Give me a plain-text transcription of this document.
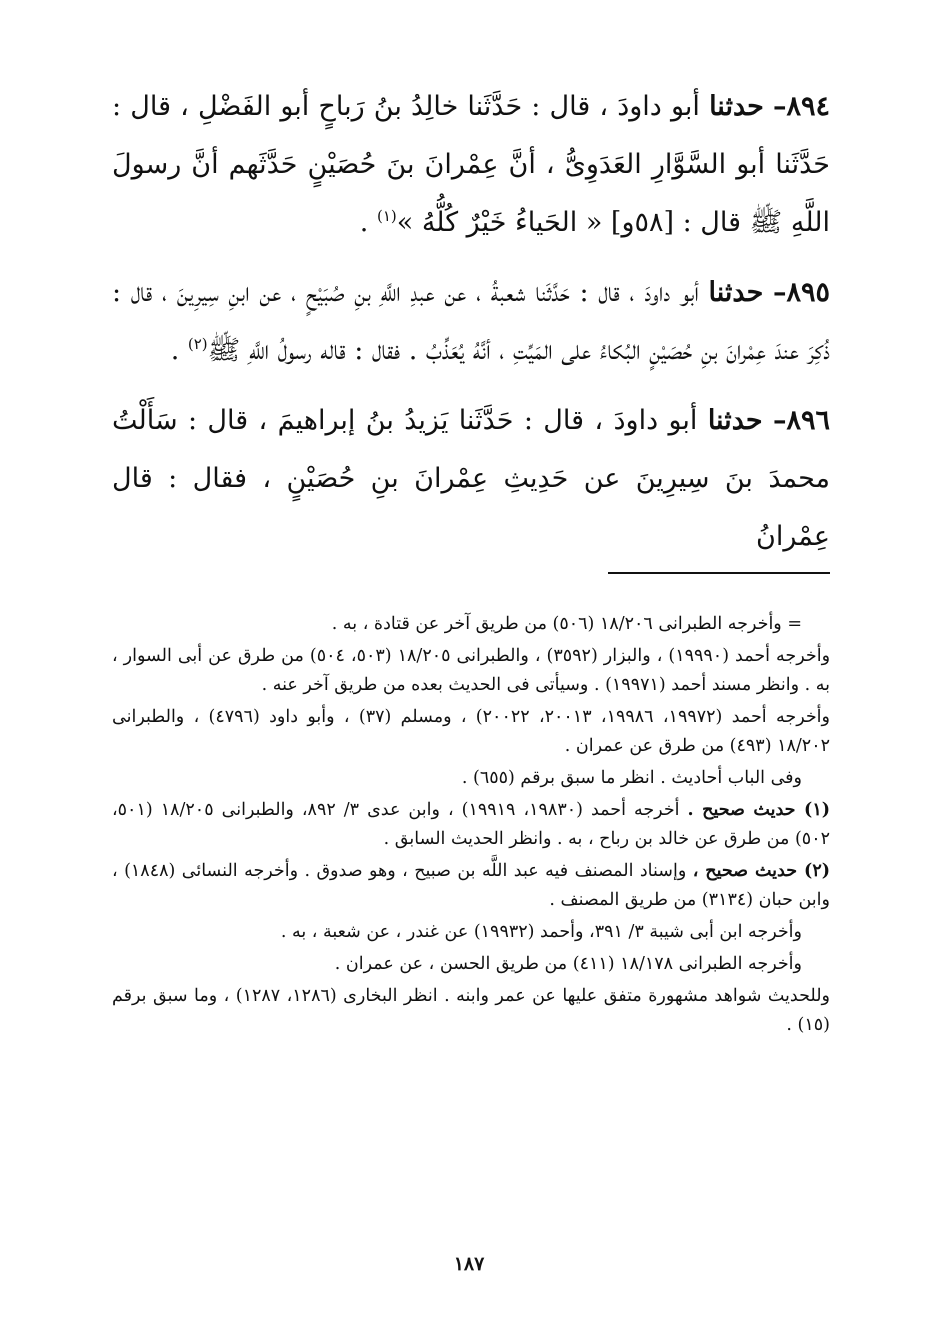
٨٩٤– حدثنا أبو داودَ ، قال : حَدَّثَنا خالِدُ بنُ رَباحٍ أبو الفَضْلِ ، قال : حَدَّثَنا أبو السَّوَّارِ العَدَوِىُّ ، أنَّ عِمْرانَ بنَ حُصَيْنٍ حَدَّثَهم أنَّ رسولَ اللَّهِ ﷺ قال : [٥٨و] « الحَياءُ خَيْرٌ كُلُّهُ »$^{(١)}$ .

٨٩٥– حدثنا أبو داودَ ، قال : حَدَّثَنا شعبةُ ، عن عبدِ اللَّهِ بنِ صُبَيْحٍ ، عن ابنِ سِيرِينَ ، قال : ذُكِرَ عندَ عِمْرانَ بنِ حُصَيْنٍ البُكاءُ على المَيِّتِ ، أنَّهُ يُعَذِّبُ . فقال : قاله رسولُ اللَّهِ ﷺ$^{(٢)}$ .

٨٩٦– حدثنا أبو داودَ ، قال : حَدَّثَنا يَزيدُ بنُ إبراهيمَ ، قال : سَأَلْتُ محمدَ بنَ سِيرِينَ عن حَدِيثِ عِمْرانَ بنِ حُصَيْنٍ ، فقال : قال عِمْرانُ

= وأخرجه الطبرانى ١٨/٢٠٦ (٥٠٦) من طريق آخر عن قتادة ، به .

وأخرجه أحمد (١٩٩٩٠) ، والبزار (٣٥٩٢) ، والطبرانى ١٨/٢٠٥ (٥٠٣، ٥٠٤) من طرق عن أبى السوار ، به . وانظر مسند أحمد (١٩٩٧١) . وسيأتى فى الحديث بعده من طريق آخر عنه .

وأخرجه أحمد (١٩٩٧٢، ١٩٩٨٦، ٢٠٠١٣، ٢٠٠٢٢) ، ومسلم (٣٧) ، وأبو داود (٤٧٩٦) ، والطبرانى ١٨/٢٠٢ (٤٩٣) من طرق عن عمران .

وفى الباب أحاديث . انظر ما سبق برقم (٦٥٥) .

(١) حديث صحيح . أخرجه أحمد (١٩٨٣٠، ١٩٩١٩) ، وابن عدى ٣/ ٨٩٢، والطبرانى ١٨/٢٠٥ (٥٠١، ٥٠٢) من طرق عن خالد بن رباح ، به . وانظر الحديث السابق .

(٢) حديث صحيح ، وإسناد المصنف فيه عبد اللَّه بن صبيح ، وهو صدوق . وأخرجه النسائى (١٨٤٨) ، وابن حبان (٣١٣٤) من طريق المصنف .

وأخرجه ابن أبى شيبة ٣/ ٣٩١، وأحمد (١٩٩٣٢) عن غندر ، عن شعبة ، به .

وأخرجه الطبرانى ١٨/١٧٨ (٤١١) من طريق الحسن ، عن عمران .

وللحديث شواهد مشهورة متفق عليها عن عمر وابنه . انظر البخارى (١٢٨٦، ١٢٨٧) ، وما سبق برقم (١٥) .

١٨٧
